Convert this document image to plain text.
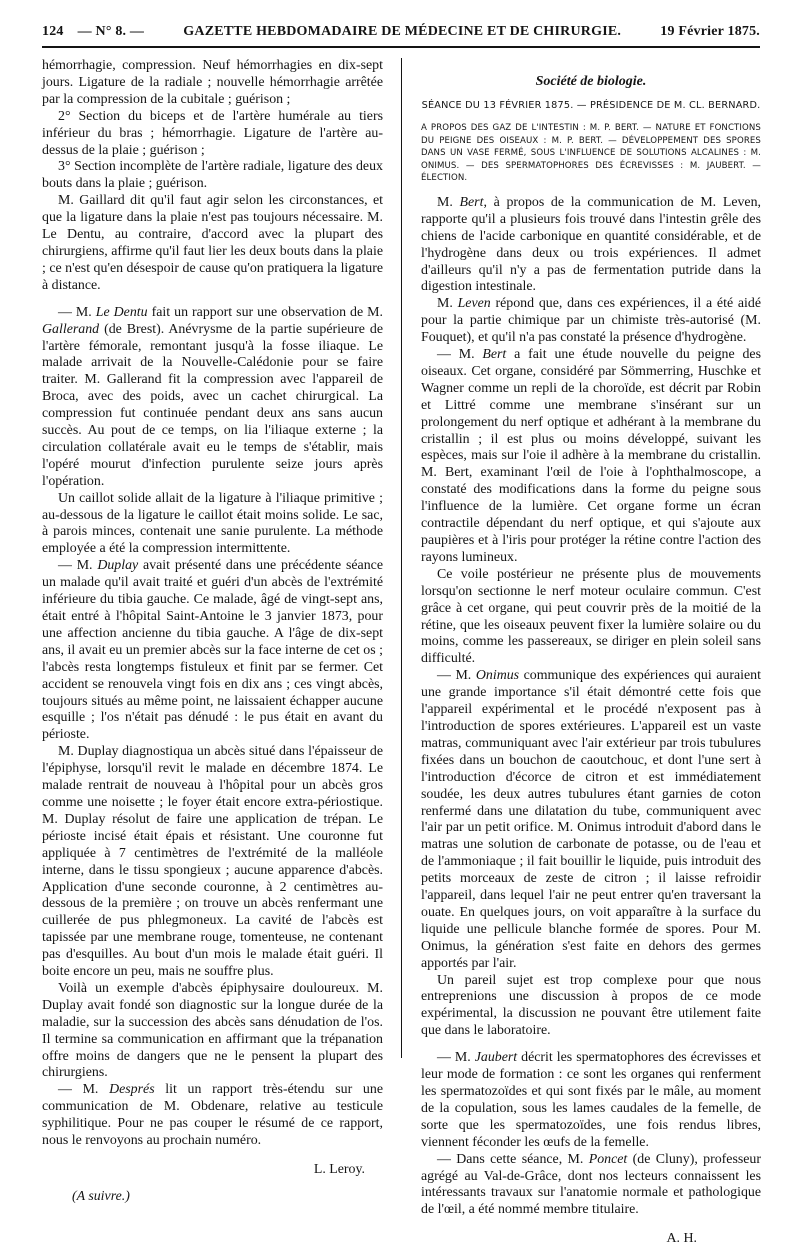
124 — N° 8. —	GAZETTE HEBDOMADAIRE DE MÉDECINE ET DE CHIRURGIE.	19 Février 1875.

hémorrhagie, compression. Neuf hémorrhagies en dix-sept jours. Ligature de la radiale ; nouvelle hémorrhagie arrêtée par la compression de la cubitale ; guérison ;

2° Section du biceps et de l'artère humérale au tiers inférieur du bras ; hémorrhagie. Ligature de l'artère au-dessus de la plaie ; guérison ;

3° Section incomplète de l'artère radiale, ligature des deux bouts dans la plaie ; guérison.

M. Gaillard dit qu'il faut agir selon les circonstances, et que la ligature dans la plaie n'est pas toujours nécessaire. M. Le Dentu, au contraire, d'accord avec la plupart des chirurgiens, affirme qu'il faut lier les deux bouts dans la plaie ; ce n'est qu'en désespoir de cause qu'on pratiquera la ligature à distance.

— M. Le Dentu fait un rapport sur une observation de M. Gallerand (de Brest). Anévrysme de la partie supérieure de l'artère fémorale, remontant jusqu'à la fosse iliaque. Le malade arrivait de la Nouvelle-Calédonie pour se faire traiter. M. Gallerand fit la compression avec l'appareil de Broca, avec des poids, avec un cachet chirurgical. La compression fut continuée pendant deux ans sans aucun succès. Au pout de ce temps, on lia l'iliaque externe ; la circulation collatérale avait eu le temps de s'établir, mais l'opéré mourut d'infection purulente seize jours après l'opération.

Un caillot solide allait de la ligature à l'iliaque primitive ; au-dessous de la ligature le caillot était moins solide. Le sac, à parois minces, contenait une sanie purulente. La méthode employée a été la compression intermittente.

— M. Duplay avait présenté dans une précédente séance un malade qu'il avait traité et guéri d'un abcès de l'extrémité inférieure du tibia gauche. Ce malade, âgé de vingt-sept ans, était entré à l'hôpital Saint-Antoine le 3 janvier 1873, pour une affection ancienne du tibia gauche. A l'âge de dix-sept ans, il avait eu un premier abcès sur la face interne de cet os ; l'abcès resta longtemps fistuleux et finit par se fermer. Cet accident se renouvela vingt fois en dix ans ; ces vingt abcès, toujours situés au même point, ne laissaient échapper aucune esquille ; l'os n'était pas dénudé : le pus était en avant du périoste.

M. Duplay diagnostiqua un abcès situé dans l'épaisseur de l'épiphyse, lorsqu'il revit le malade en décembre 1874. Le malade rentrait de nouveau à l'hôpital pour un abcès gros comme une noisette ; le foyer était encore extra-périostique. M. Duplay résolut de faire une application de trépan. Le périoste incisé était épais et résistant. Une couronne fut appliquée à 7 centimètres de l'extrémité de la malléole interne, dans le tissu spongieux ; aucune apparence d'abcès. Application d'une seconde couronne, à 2 centimètres au-dessous de la première ; on trouve un abcès renfermant une cuillerée de pus phlegmoneux. La cavité de l'abcès est tapissée par une membrane rouge, tomenteuse, ne contenant pas d'esquilles. Au bout d'un mois le malade était guéri. Il boite encore un peu, mais ne souffre plus.

Voilà un exemple d'abcès épiphysaire douloureux. M. Duplay avait fondé son diagnostic sur la longue durée de la maladie, sur la succession des abcès sans dénudation de l'os. Il termine sa communication en affirmant que la trépanation offre moins de dangers que ne le pensent la plupart des chirurgiens.

— M. Després lit un rapport très-étendu sur une communication de M. Obdenare, relative au testicule syphilitique. Pour ne pas couper le résumé de ce rapport, nous le renvoyons au prochain numéro.

L. Leroy.
(A suivre.)
Société de biologie.
SÉANCE DU 13 FÉVRIER 1875. — PRÉSIDENCE DE M. CL. BERNARD.
A PROPOS DES GAZ DE L'INTESTIN : M. P. BERT. — NATURE ET FONCTIONS DU PEIGNE DES OISEAUX : M. P. BERT. — DÉVELOPPEMENT DES SPORES DANS UN VASE FERMÉ, SOUS L'INFLUENCE DE SOLUTIONS ALCALINES : M. ONIMUS. — DES SPERMATOPHORES DES ÉCREVISSES : M. JAUBERT. — ÉLECTION.

M. Bert, à propos de la communication de M. Leven, rapporte qu'il a plusieurs fois trouvé dans l'intestin grêle des chiens de l'acide carbonique en quantité considérable, et de l'hydrogène dans deux ou trois expériences. Il admet d'ailleurs qu'il n'y a pas de fermentation putride dans la digestion intestinale.

M. Leven répond que, dans ces expériences, il a été aidé pour la partie chimique par un chimiste très-autorisé (M. Fouquet), et qu'il n'a pas constaté la présence d'hydrogène.

— M. Bert a fait une étude nouvelle du peigne des oiseaux. Cet organe, considéré par Sömmerring, Huschke et Wagner comme un repli de la choroïde, est décrit par Robin et Littré comme une membrane s'insérant sur un prolongement du nerf optique et adhérant à la membrane du cristallin ; il est plus ou moins développé, suivant les espèces, mais sur l'oie il adhère à la membrane du cristallin. M. Bert, examinant l'œil de l'oie à l'ophthalmoscope, a constaté des modifications dans la forme du peigne sous l'influence de la lumière. Cet organe forme un écran contractile dépendant du nerf optique, et qui s'ajoute aux paupières et à l'iris pour protéger la rétine contre l'action des rayons lumineux.

Ce voile postérieur ne présente plus de mouvements lorsqu'on sectionne le nerf moteur oculaire commun. C'est grâce à cet organe, qui peut couvrir près de la moitié de la rétine, que les oiseaux peuvent fixer la lumière solaire ou du moins, comme les passereaux, se diriger en plein soleil sans difficulté.

— M. Onimus communique des expériences qui auraient une grande importance s'il était démontré cette fois que l'appareil expérimental et le procédé n'exposent pas à l'introduction de spores extérieures. L'appareil est un vaste matras, communiquant avec l'air extérieur par trois tubulures fixées dans un bouchon de caoutchouc, et dont l'une sert à l'introduction d'écorce de citron et est immédiatement soudée, les deux autres tubulures étant garnies de coton renfermé dans une dilatation du tube, communiquent avec l'air par un petit orifice. M. Onimus introduit d'abord dans le matras une solution de carbonate de potasse, ou de l'eau et de l'ammoniaque ; il fait bouillir le liquide, puis introduit des petits morceaux de zeste de citron ; il laisse refroidir l'appareil, dans lequel l'air ne peut entrer qu'en traversant la ouate. En quelques jours, on voit apparaître à la surface du liquide une pellicule blanche formée de spores. Pour M. Onimus, la génération s'est faite en dehors des germes apportés par l'air.

Un pareil sujet est trop complexe pour que nous entreprenions une discussion à propos de ce mode expérimental, la discussion ne pouvant être utilement faite que dans le laboratoire.

— M. Jaubert décrit les spermatophores des écrevisses et leur mode de formation : ce sont les organes qui renferment les spermatozoïdes et qui sont fixés par le mâle, au moment de la copulation, sous les lames caudales de la femelle, de sorte que les spermatozoïdes, une fois rendus libres, viennent féconder les œufs de la femelle.

— Dans cette séance, M. Poncet (de Cluny), professeur agrégé au Val-de-Grâce, dont nos lecteurs connaissent les intéressants travaux sur l'anatomie normale et pathologique de l'œil, a été nommé membre titulaire.

A. H.
